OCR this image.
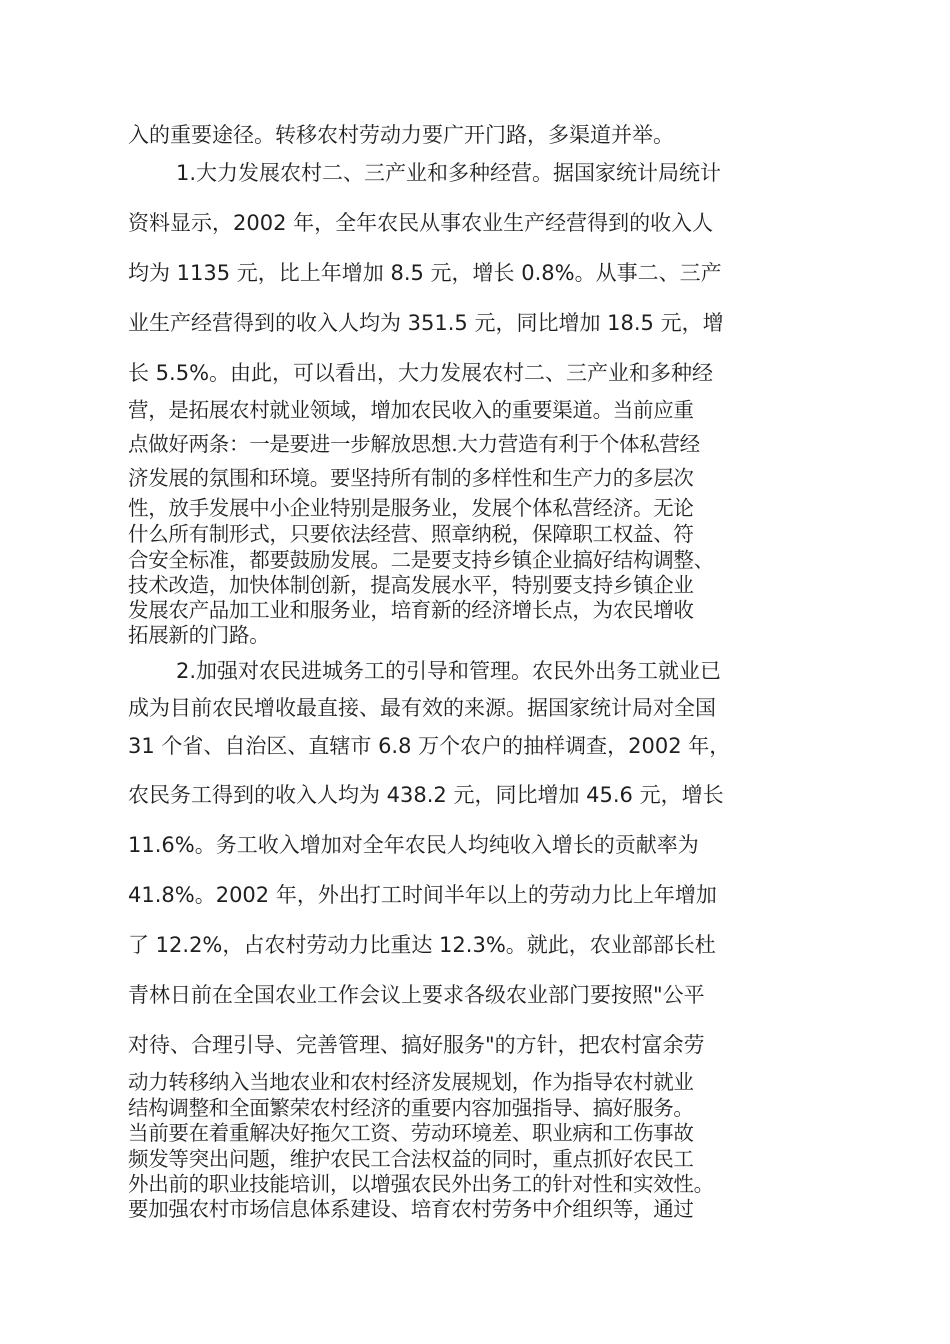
入的重要途径。转移农村劳动力要广开门路，多渠道并举。
1.大力发展农村二、三产业和多种经营。据国家统计局统计
资料显示，2002 年，全年农民从事农业生产经营得到的收入人
均为 1135 元，比上年增加 8.5 元，增长 0.8%。从事二、三产
业生产经营得到的收入人均为 351.5 元，同比增加 18.5 元，增
长 5.5%。由此，可以看出，大力发展农村二、三产业和多种经
营，是拓展农村就业领域，增加农民收入的重要渠道。当前应重
点做好两条：一是要进一步解放思想.大力营造有利于个体私营经
济发展的氛围和环境。要坚持所有制的多样性和生产力的多层次
性，放手发展中小企业特别是服务业，发展个体私营经济。无论
什么所有制形式，只要依法经营、照章纳税，保障职工权益、符
合安全标准，都要鼓励发展。二是要支持乡镇企业搞好结构调整、
技术改造，加快体制创新，提高发展水平，特别要支持乡镇企业
发展农产品加工业和服务业，培育新的经济增长点，为农民增收
拓展新的门路。
2.加强对农民进城务工的引导和管理。农民外出务工就业已
成为目前农民增收最直接、最有效的来源。据国家统计局对全国
31 个省、自治区、直辖市 6.8 万个农户的抽样调查，2002 年，
农民务工得到的收入人均为 438.2 元，同比增加 45.6 元，增长
11.6%。务工收入增加对全年农民人均纯收入增长的贡献率为
41.8%。2002 年，外出打工时间半年以上的劳动力比上年增加
了 12.2%，占农村劳动力比重达 12.3%。就此，农业部部长杜
青林日前在全国农业工作会议上要求各级农业部门要按照"公平
对待、合理引导、完善管理、搞好服务"的方针，把农村富余劳
动力转移纳入当地农业和农村经济发展规划，作为指导农村就业
结构调整和全面繁荣农村经济的重要内容加强指导、搞好服务。
当前要在着重解决好拖欠工资、劳动环境差、职业病和工伤事故
频发等突出问题，维护农民工合法权益的同时，重点抓好农民工
外出前的职业技能培训，以增强农民外出务工的针对性和实效性。
要加强农村市场信息体系建设、培育农村劳务中介组织等，通过
